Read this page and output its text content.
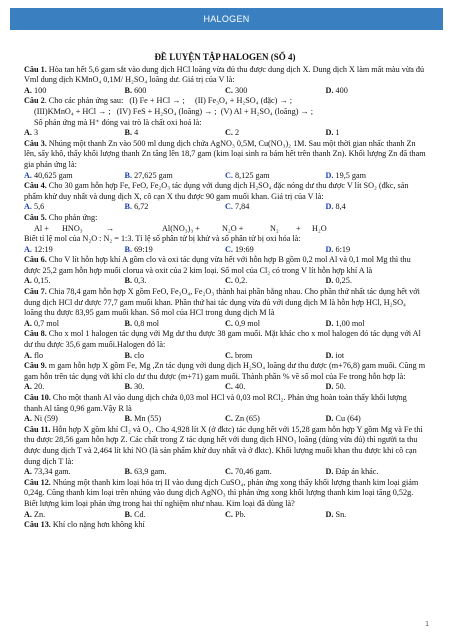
HALOGEN
ĐỀ LUYỆN TẬP HALOGEN (SỐ 4)

Câu 1. Hòa tan hết 5,6 gam sắt vào dung dịch HCl loãng vừa đủ thu được dung dịch X. Dung dịch X làm mất màu vừa đủ Vml dung dịch KMnO₄ 0,1M/ H₂SO₄ loãng dư. Giá trị của V là:

A. 100	B. 600	C. 300	D. 400

Câu 2. Cho các phản ứng sau: (I) Fe + HCl → ; (II) Fe₃O₄ + H₂SO₄ (đặc) → ;

(III)KMnO₄ + HCl → ; (IV) FeS + H₂SO₄ (loãng) → ; (V) Al + H₂SO₄ (loãng) → ;

Số phản ứng mà H⁺ đóng vai trò là chất oxi hoá là:

A. 3	B. 4	C. 2	D. 1

Câu 3. Nhúng một thanh Zn vào 500 ml dung dịch chứa AgNO₃ 0,5M, Cu(NO₃)₂ 1M. Sau một thời gian nhấc thanh Zn lên, sấy khô, thấy khối lượng thanh Zn tăng lên 18,7 gam (kim loại sinh ra bám hết trên thanh Zn). Khối lượng Zn đã tham gia phản ứng là:

A. 40,625 gam	B. 27,625 gam	C. 8,125 gam	D. 19,5 gam

Câu 4. Cho 30 gam hỗn hợp Fe, FeO, Fe₂O₃ tác dụng với dung dịch H₂SO₄ đặc nóng dư thu được V lít SO₂ (đkc, sản phẩm khử duy nhất và dung dịch X, cô cạn X thu được 90 gam muối khan. Giá trị của V là:

A. 5,6	B. 6,72	C. 7,84	D. 8,4

Câu 5. Cho phản ứng:

Al +	HNO₃	→	Al(NO₃)₃ +	N₂O +	N₂	+	H₂O

Biết tỉ lệ mol của N₂O : N₂ = 1:3. Tỉ lệ số phân tử bị khử và số phân tử bị oxi hóa là:

A. 12:19	B. 69:19	C. 19:69	D. 6:19

Câu 6. Cho V lít hỗn hợp khí A gồm clo và oxi tác dụng vừa hết với hỗn hợp B gồm 0,2 mol Al và 0,1 mol Mg thì thu được 25,2 gam hỗn hợp muối clorua và oxit của 2 kim loại. Số mol của Cl₂ có trong V lít hỗn hợp khí A là

A. 0,15.	B. 0,3.	C. 0,2.	D. 0,25.

Câu 7. Chia 78,4 gam hỗn hợp X gồm FeO, Fe₃O₄, Fe₂O₃ thành hai phần bằng nhau. Cho phần thứ nhất tác dụng hết với dung dịch HCl dư được 77,7 gam muối khan. Phần thứ hai tác dụng vừa đủ với dung dịch M là hỗn hợp HCl, H₂SO₄ loãng thu được 83,95 gam muối khan. Số mol của HCl trong dung dịch M là

A. 0,7 mol	B. 0,8 mol	C. 0,9 mol	D. 1,00 mol

Câu 8. Cho x mol 1 halogen tác dụng với Mg dư thu được 38 gam muối. Mặt khác cho x mol halogen đó tác dụng với Al dư thu được 35,6 gam muối.Halogen đó là:

A. flo	B. clo	C. brom	D. iot

Câu 9. m gam hỗn hợp X gồm Fe, Mg ,Zn tác dụng với dung dịch H₂SO₄ loãng dư thu được (m+76,8) gam muối. Cũng m gam hỗn trên tác dụng với khí clo dư thu được (m+71) gam muối. Thành phần % về số mol của Fe trong hỗn hợp là:

A. 20.	B. 30.	C. 40.	D. 50.

Câu 10. Cho một thanh Al vào dung dịch chứa 0,03 mol HCl và 0,03 mol RCl₂. Phản ứng hoàn toàn thấy khối lượng thanh Al tăng 0,96 gam.Vậy R là

A. Ni (59)	B. Mn (55)	C. Zn (65)	D. Cu (64)

Câu 11. Hỗn hợp X gồm khí Cl₂ và O₂. Cho 4,928 lít X (ở đktc) tác dụng hết với 15,28 gam hỗn hợp Y gồm Mg và Fe thì thu được 28,56 gam hỗn hợp Z. Các chất trong Z tác dụng hết với dung dịch HNO₃ loãng (dùng vừa đủ) thì người ta thu được dung dịch T và 2,464 lít khí NO (là sản phẩm khử duy nhất và ở đktc). Khối lượng muối khan thu được khi cô cạn dung dịch T là:

A. 73,34 gam.	B. 63,9 gam.	C. 70,46 gam.	D. Đáp án khác.

Câu 12. Nhúng một thanh kim loại hóa trị II vào dung dịch CuSO₄, phản ứng xong thấy khối lượng thanh kim loại giảm 0,24g. Cũng thanh kim loại trên nhúng vào dung dịch AgNO₃ thì phản ứng xong khối lượng thanh kim loại tăng 0,52g. Biết lượng kim loại phản ứng trong hai thí nghiệm như nhau. Kim loại đã dùng là?

A. Zn.	B. Cd.	C. Pb.	D. Sn.

Câu 13. Khí clo nặng hơn không khí

1
